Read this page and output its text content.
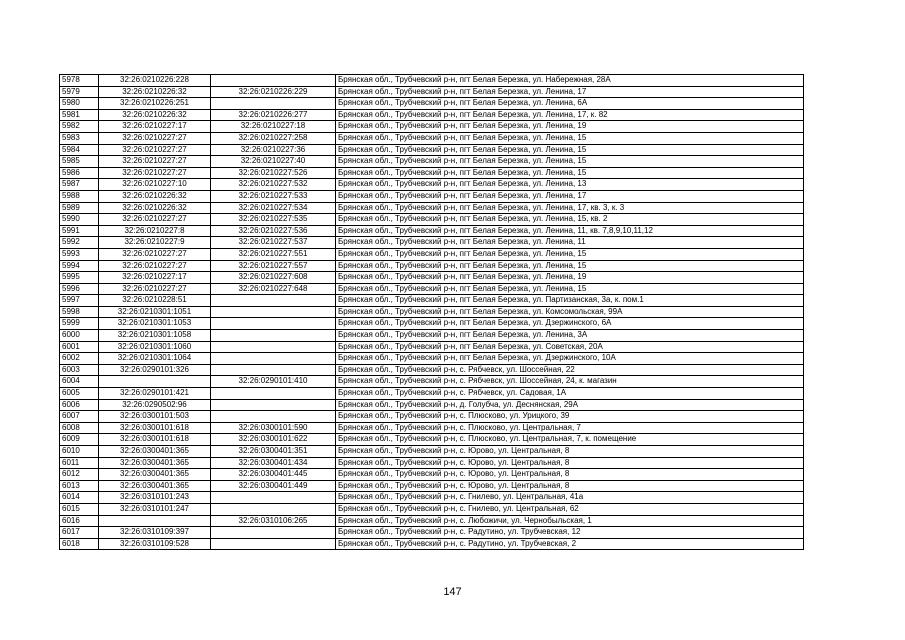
5978	32:26:0210226:228		Брянская обл., Трубчевский р-н, пгт Белая Березка, ул. Набережная, 28А
5979	32:26:0210226:32	32:26:0210226:229	Брянская обл., Трубчевский р-н, пгт Белая Березка, ул. Ленина, 17
5980	32:26:0210226:251		Брянская обл., Трубчевский р-н, пгт Белая Березка, ул. Ленина, 6А
5981	32:26:0210226:32	32:26:0210226:277	Брянская обл., Трубчевский р-н, пгт Белая Березка, ул. Ленина, 17, к. 82
5982	32:26:0210227:17	32:26:0210227:18	Брянская обл., Трубчевский р-н, пгт Белая Березка, ул. Ленина, 19
5983	32:26:0210227:27	32:26:0210227:258	Брянская обл., Трубчевский р-н, пгт Белая Березка, ул. Ленина, 15
5984	32:26:0210227:27	32:26:0210227:36	Брянская обл., Трубчевский р-н, пгт Белая Березка, ул. Ленина, 15
5985	32:26:0210227:27	32:26:0210227:40	Брянская обл., Трубчевский р-н, пгт Белая Березка, ул. Ленина, 15
5986	32:26:0210227:27	32:26:0210227:526	Брянская обл., Трубчевский р-н, пгт Белая Березка, ул. Ленина, 15
5987	32:26:0210227:10	32:26:0210227:532	Брянская обл., Трубчевский р-н, пгт Белая Березка, ул. Ленина, 13
5988	32:26:0210226:32	32:26:0210227:533	Брянская обл., Трубчевский р-н, пгт Белая Березка, ул. Ленина, 17
5989	32:26:0210226:32	32:26:0210227:534	Брянская обл., Трубчевский р-н, пгт Белая Березка, ул. Ленина, 17, кв. 3, к. 3
5990	32:26:0210227:27	32:26:0210227:535	Брянская обл., Трубчевский р-н, пгт Белая Березка, ул. Ленина, 15, кв. 2
5991	32:26:0210227:8	32:26:0210227:536	Брянская обл., Трубчевский р-н, пгт Белая Березка, ул. Ленина, 11, кв. 7,8,9,10,11,12
5992	32:26:0210227:9	32:26:0210227:537	Брянская обл., Трубчевский р-н, пгт Белая Березка, ул. Ленина, 11
5993	32:26:0210227:27	32:26:0210227:551	Брянская обл., Трубчевский р-н, пгт Белая Березка, ул. Ленина, 15
5994	32:26:0210227:27	32:26:0210227:557	Брянская обл., Трубчевский р-н, пгт Белая Березка, ул. Ленина, 15
5995	32:26:0210227:17	32:26:0210227:608	Брянская обл., Трубчевский р-н, пгт Белая Березка, ул. Ленина, 19
5996	32:26:0210227:27	32:26:0210227:648	Брянская обл., Трубчевский р-н, пгт Белая Березка, ул. Ленина, 15
5997	32:26:0210228:51		Брянская обл., Трубчевский р-н, пгт Белая Березка, ул. Партизанская, 3а, к. пом.1
5998	32:26:0210301:1051		Брянская обл., Трубчевский р-н, пгт Белая Березка, ул. Комсомольская, 99А
5999	32:26:0210301:1053		Брянская обл., Трубчевский р-н, пгт Белая Березка, ул. Дзержинского, 6А
6000	32:26:0210301:1058		Брянская обл., Трубчевский р-н, пгт Белая Березка, ул. Ленина, 3А
6001	32:26:0210301:1060		Брянская обл., Трубчевский р-н, пгт Белая Березка, ул. Советская, 20А
6002	32:26:0210301:1064		Брянская обл., Трубчевский р-н, пгт Белая Березка, ул. Дзержинского, 10А
6003	32:26:0290101:326		Брянская обл., Трубчевский р-н, с. Рябчевск, ул. Шоссейная, 22
6004		32:26:0290101:410	Брянская обл., Трубчевский р-н, с. Рябчевск, ул. Шоссейная, 24, к. магазин
6005	32:26:0290101:421		Брянская обл., Трубчевский р-н, с. Рябчевск, ул. Садовая, 1А
6006	32:26:0290502:96		Брянская обл., Трубчевский р-н, д. Голубча, ул. Деснянская, 29А
6007	32:26:0300101:503		Брянская обл., Трубчевский р-н, с. Плюсково, ул. Урицкого, 39
6008	32:26:0300101:618	32:26:0300101:590	Брянская обл., Трубчевский р-н, с. Плюсково, ул. Центральная, 7
6009	32:26:0300101:618	32:26:0300101:622	Брянская обл., Трубчевский р-н, с. Плюсково, ул. Центральная, 7, к. помещение
6010	32:26:0300401:365	32:26:0300401:351	Брянская обл., Трубчевский р-н, с. Юрово, ул. Центральная, 8
6011	32:26:0300401:365	32:26:0300401:434	Брянская обл., Трубчевский р-н, с. Юрово, ул. Центральная, 8
6012	32:26:0300401:365	32:26:0300401:445	Брянская обл., Трубчевский р-н, с. Юрово, ул. Центральная, 8
6013	32:26:0300401:365	32:26:0300401:449	Брянская обл., Трубчевский р-н, с. Юрово, ул. Центральная, 8
6014	32:26:0310101:243		Брянская обл., Трубчевский р-н, с. Гнилево, ул. Центральная, 41а
6015	32:26:0310101:247		Брянская обл., Трубчевский р-н, с. Гнилево, ул. Центральная, 62
6016		32:26:0310106:265	Брянская обл., Трубчевский р-н, с. Любожичи, ул. Чернобыльская, 1
6017	32:26:0310109:397		Брянская обл., Трубчевский р-н, с. Радутино, ул. Трубчевская, 12
6018	32:26:0310109:528		Брянская обл., Трубчевский р-н, с. Радутино, ул. Трубчевская, 2
147
